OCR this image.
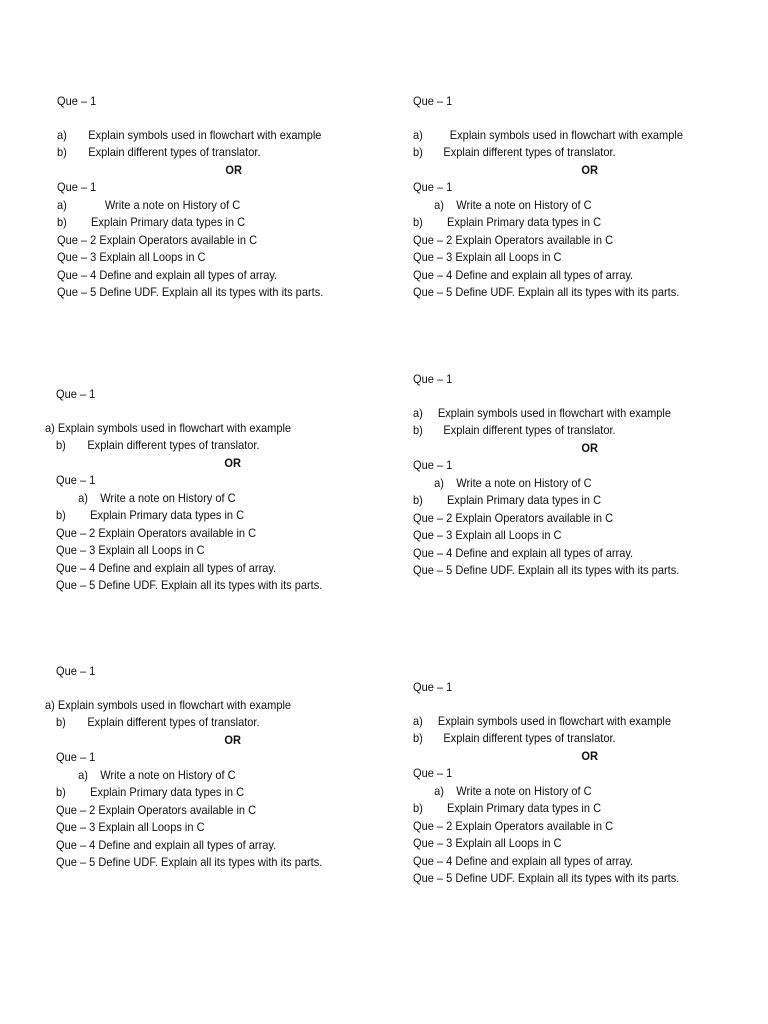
Que – 1
a) Explain symbols used in flowchart with example
b) Explain different types of translator.
OR
Que – 1
a)	Write a note on History of C
b) Explain Primary data types in C
Que – 2 Explain Operators available in C
Que – 3 Explain all Loops in C
Que – 4 Define and explain all types of array.
Que – 5 Define UDF. Explain all its types with its parts.
Que – 1
a) Explain symbols used in flowchart with example
b) Explain different types of translator.
OR
Que – 1
a) Write a note on History of C
b) Explain Primary data types in C
Que – 2 Explain Operators available in C
Que – 3 Explain all Loops in C
Que – 4 Define and explain all types of array.
Que – 5 Define UDF. Explain all its types with its parts.
Que – 1
a) Explain symbols used in flowchart with example
b) Explain different types of translator.
OR
Que – 1
a) Write a note on History of C
b) Explain Primary data types in C
Que – 2 Explain Operators available in C
Que – 3 Explain all Loops in C
Que – 4 Define and explain all types of array.
Que – 5 Define UDF. Explain all its types with its parts.
Que – 1
a) Explain symbols used in flowchart with example
b) Explain different types of translator.
OR
Que – 1
a) Write a note on History of C
b) Explain Primary data types in C
Que – 2 Explain Operators available in C
Que – 3 Explain all Loops in C
Que – 4 Define and explain all types of array.
Que – 5 Define UDF. Explain all its types with its parts.
Que – 1
a) Explain symbols used in flowchart with example
b) Explain different types of translator.
OR
Que – 1
a) Write a note on History of C
b) Explain Primary data types in C
Que – 2 Explain Operators available in C
Que – 3 Explain all Loops in C
Que – 4 Define and explain all types of array.
Que – 5 Define UDF. Explain all its types with its parts.
Que – 1
a) Explain symbols used in flowchart with example
b) Explain different types of translator.
OR
Que – 1
a) Write a note on History of C
b) Explain Primary data types in C
Que – 2 Explain Operators available in C
Que – 3 Explain all Loops in C
Que – 4 Define and explain all types of array.
Que – 5 Define UDF. Explain all its types with its parts.
